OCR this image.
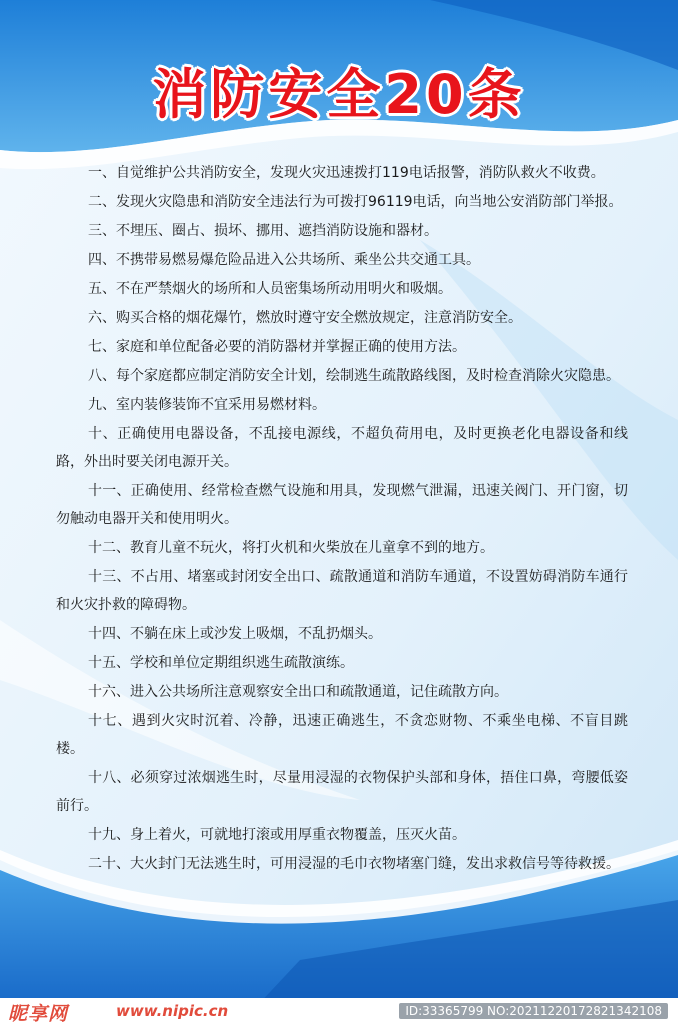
消防安全20条
一、自觉维护公共消防安全，发现火灾迅速拨打119电话报警，消防队救火不收费。
二、发现火灾隐患和消防安全违法行为可拨打96119电话，向当地公安消防部门举报。
三、不埋压、圈占、损坏、挪用、遮挡消防设施和器材。
四、不携带易燃易爆危险品进入公共场所、乘坐公共交通工具。
五、不在严禁烟火的场所和人员密集场所动用明火和吸烟。
六、购买合格的烟花爆竹，燃放时遵守安全燃放规定，注意消防安全。
七、家庭和单位配备必要的消防器材并掌握正确的使用方法。
八、每个家庭都应制定消防安全计划，绘制逃生疏散路线图，及时检查消除火灾隐患。
九、室内装修装饰不宜采用易燃材料。
十、正确使用电器设备，不乱接电源线，不超负荷用电，及时更换老化电器设备和线路，外出时要关闭电源开关。
十一、正确使用、经常检查燃气设施和用具，发现燃气泄漏，迅速关阀门、开门窗，切勿触动电器开关和使用明火。
十二、教育儿童不玩火，将打火机和火柴放在儿童拿不到的地方。
十三、不占用、堵塞或封闭安全出口、疏散通道和消防车通道，不设置妨碍消防车通行和火灾扑救的障碍物。
十四、不躺在床上或沙发上吸烟，不乱扔烟头。
十五、学校和单位定期组织逃生疏散演练。
十六、进入公共场所注意观察安全出口和疏散通道，记住疏散方向。
十七、遇到火灾时沉着、冷静，迅速正确逃生，不贪恋财物、不乘坐电梯、不盲目跳楼。
十八、必须穿过浓烟逃生时，尽量用浸湿的衣物保护头部和身体，捂住口鼻，弯腰低姿前行。
十九、身上着火，可就地打滚或用厚重衣物覆盖，压灭火苗。
二十、大火封门无法逃生时，可用浸湿的毛巾衣物堵塞门缝，发出求救信号等待救援。
昵享网	www.nipic.cn	ID:33365799 NO:20211220172821342108
